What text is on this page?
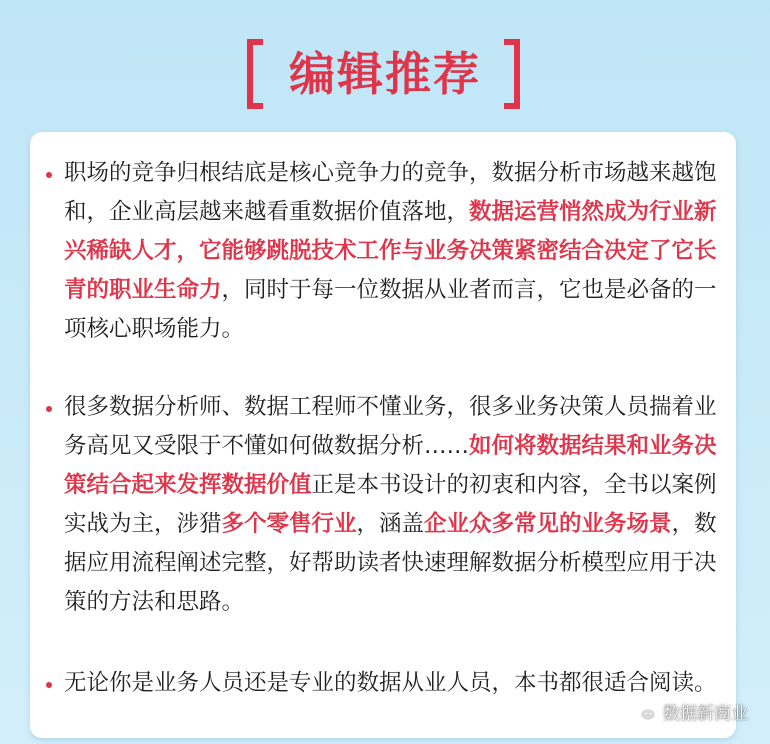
编辑推荐
职场的竞争归根结底是核心竞争力的竞争，数据分析市场越来越饱和，企业高层越来越看重数据价值落地，数据运营悄然成为行业新兴稀缺人才，它能够跳脱技术工作与业务决策紧密结合决定了它长青的职业生命力，同时于每一位数据从业者而言，它也是必备的一项核心职场能力。
很多数据分析师、数据工程师不懂业务，很多业务决策人员揣着业务高见又受限于不懂如何做数据分析……如何将数据结果和业务决策结合起来发挥数据价值正是本书设计的初衷和内容，全书以案例实战为主，涉猎多个零售行业，涵盖企业众多常见的业务场景，数据应用流程阐述完整，好帮助读者快速理解数据分析模型应用于决策的方法和思路。
无论你是业务人员还是专业的数据从业人员，本书都很适合阅读。
数据新商业
